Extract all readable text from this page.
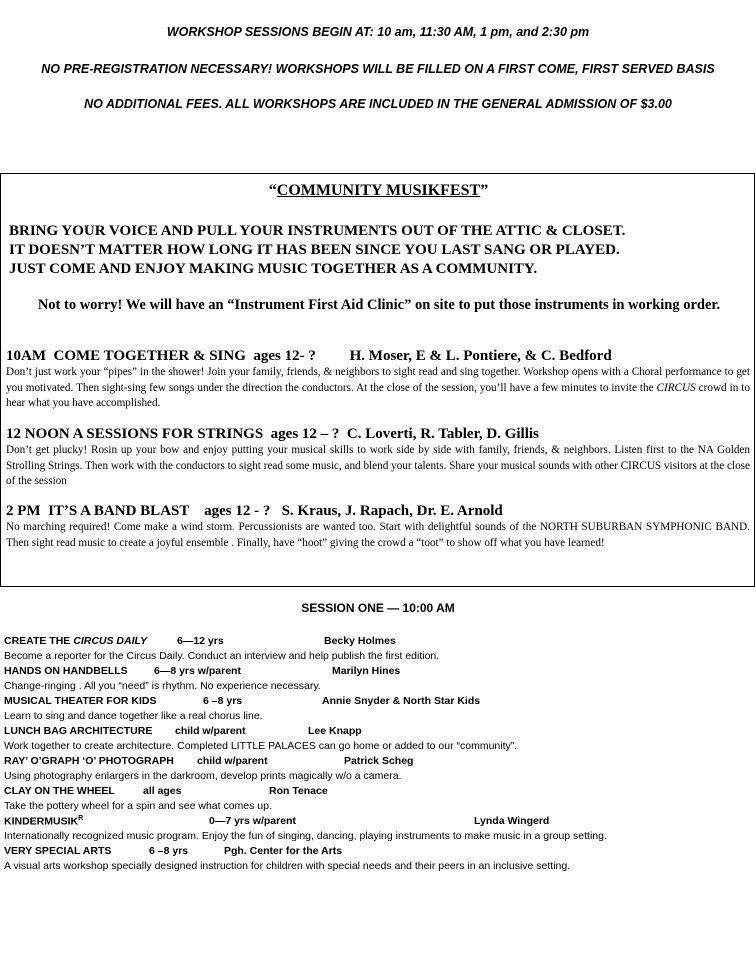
WORKSHOP SESSIONS BEGIN AT: 10 am, 11:30 AM, 1 pm, and 2:30 pm
NO PRE-REGISTRATION NECESSARY! WORKSHOPS WILL BE FILLED ON A FIRST COME, FIRST SERVED BASIS
NO ADDITIONAL FEES. ALL WORKSHOPS ARE INCLUDED IN THE GENERAL ADMISSION OF $3.00
“COMMUNITY MUSIKFEST”
BRING YOUR VOICE AND PULL YOUR INSTRUMENTS OUT OF THE ATTIC & CLOSET.
IT DOESN’T MATTER HOW LONG IT HAS BEEN SINCE YOU LAST SANG OR PLAYED.
JUST COME AND ENJOY MAKING MUSIC TOGETHER AS A COMMUNITY.
Not to worry! We will have an “Instrument First Aid Clinic” on site to put those instruments in working order.
10AM  COME TOGETHER & SING  ages 12- ?         H. Moser, E & L. Pontiere, & C. Bedford
Don’t just work your “pipes” in the shower! Join your family, friends, & neighbors to sight read and sing together. Workshop opens with a Choral performance to get you motivated. Then sight-sing few songs under the direction the conductors. At the close of the session, you’ll have a few minutes to invite the CIRCUS crowd in to hear what you have accomplished.
12 NOON A SESSIONS FOR STRINGS  ages 12 – ?  C. Loverti, R. Tabler, D. Gillis
Don’t get plucky! Rosin up your bow and enjoy putting your musical skills to work side by side with family, friends, & neighbors. Listen first to the NA Golden Strolling Strings. Then work with the conductors to sight read some music, and blend your talents. Share your musical sounds with other CIRCUS visitors at the close of the session
2 PM  IT’S A BAND BLAST    ages 12 - ?   S. Kraus, J. Rapach, Dr. E. Arnold
No marching required! Come make a wind storm. Percussionists are wanted too. Start with delightful sounds of the NORTH SUBURBAN SYMPHONIC BAND. Then sight read music to create a joyful ensemble . Finally, have “hoot” giving the crowd a “toot” to show off what you have learned!
SESSION ONE — 10:00 AM
CREATE THE CIRCUS DAILY	6—12 yrs	Becky Holmes
Become a reporter for the Circus Daily. Conduct an interview and help publish the first edition.
HANDS ON HANDBELLS	6—8 yrs w/parent	Marilyn Hines
Change-ringing . All you “need” is rhythm. No experience necessary.
MUSICAL THEATER FOR KIDS	6 –8 yrs	Annie Snyder & North Star Kids
Learn to sing and dance together like a real chorus line.
LUNCH BAG ARCHITECTURE child w/parent	Lee Knapp
Work together to create architecture. Completed LITTLE PALACES can go home or added to our “community”.
RAY’ O’GRAPH ‘O’ PHOTOGRAPH child w/parent	Patrick Scheg
Using photography enlargers in the darkroom, develop prints magically w/o a camera.
CLAY ON THE WHEEL	all ages	Ron Tenace
Take the pottery wheel for a spin and see what comes up.
$KINDERMUSIK^R$	0—7 yrs w/parent	Lynda Wingerd
Internationally recognized music program. Enjoy the fun of singing, dancing, playing instruments to make music in a group setting.
VERY SPECIAL ARTS	6 –8 yrs	Pgh. Center for the Arts
A visual arts workshop specially designed instruction for children with special needs and their peers in an inclusive setting.
